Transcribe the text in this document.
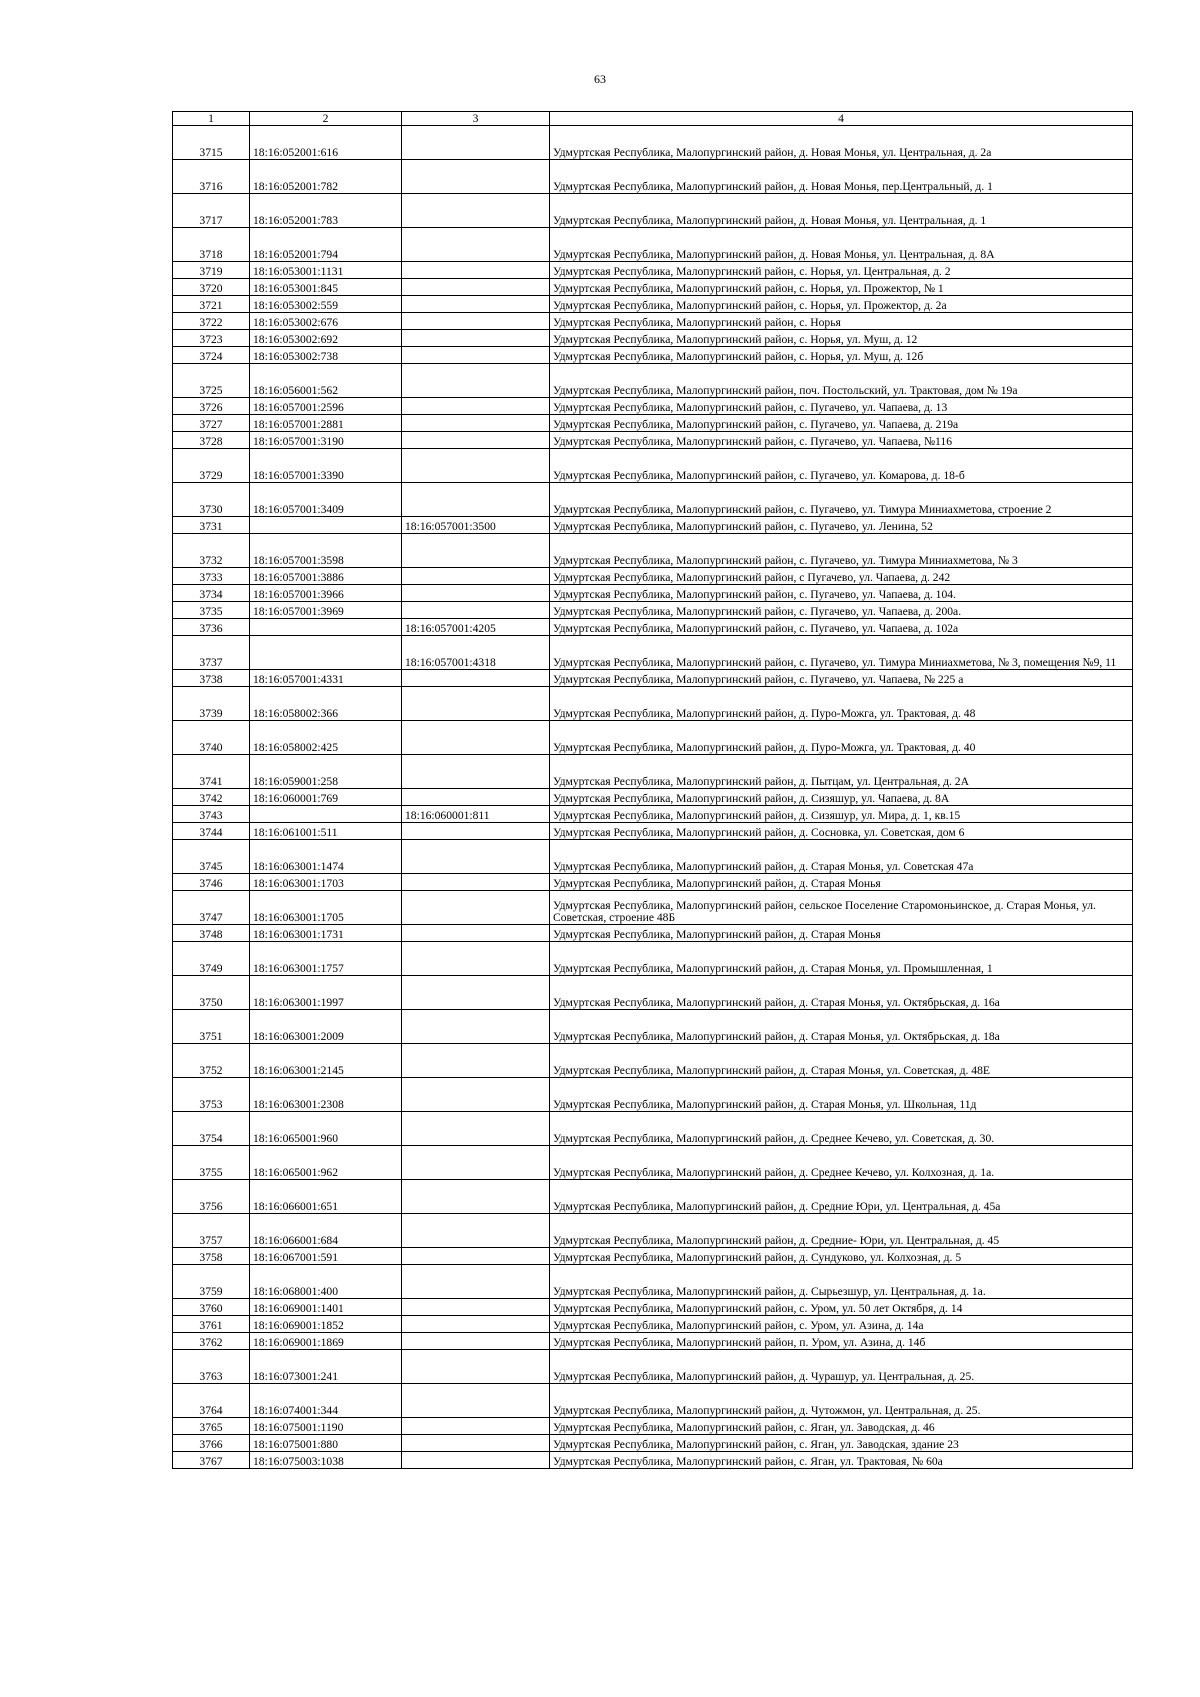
63
1	2	3	4
3715	18:16:052001:616		Удмуртская Республика, Малопургинский район, д. Новая Монья, ул. Центральная, д. 2а
3716	18:16:052001:782		Удмуртская Республика, Малопургинский район, д. Новая Монья, пер.Центральный, д. 1
3717	18:16:052001:783		Удмуртская Республика, Малопургинский район, д. Новая Монья, ул. Центральная, д. 1
3718	18:16:052001:794		Удмуртская Республика, Малопургинский район, д. Новая Монья, ул. Центральная, д. 8А
3719	18:16:053001:1131		Удмуртская Республика, Малопургинский район, с. Норья, ул. Центральная, д. 2
3720	18:16:053001:845		Удмуртская Республика, Малопургинский район, с. Норья, ул. Прожектор, № 1
3721	18:16:053002:559		Удмуртская Республика, Малопургинский район, с. Норья, ул. Прожектор, д. 2а
3722	18:16:053002:676		Удмуртская Республика, Малопургинский район, с. Норья
3723	18:16:053002:692		Удмуртская Республика, Малопургинский район, с. Норья, ул. Муш, д. 12
3724	18:16:053002:738		Удмуртская Республика, Малопургинский район, с. Норья, ул. Муш, д. 12б
3725	18:16:056001:562		Удмуртская Республика, Малопургинский район, поч. Постольский, ул. Трактовая, дом № 19а
3726	18:16:057001:2596		Удмуртская Республика, Малопургинский район, с. Пугачево, ул. Чапаева, д. 13
3727	18:16:057001:2881		Удмуртская Республика, Малопургинский район, с. Пугачево, ул. Чапаева, д. 219а
3728	18:16:057001:3190		Удмуртская Республика, Малопургинский район, с. Пугачево, ул. Чапаева, №116
3729	18:16:057001:3390		Удмуртская Республика, Малопургинский район, с. Пугачево, ул. Комарова, д. 18-б
3730	18:16:057001:3409		Удмуртская Республика, Малопургинский район, с. Пугачево, ул. Тимура Миниахметова, строение 2
3731		18:16:057001:3500	Удмуртская Республика, Малопургинский район, с. Пугачево, ул. Ленина, 52
3732	18:16:057001:3598		Удмуртская Республика, Малопургинский район, с. Пугачево, ул. Тимура Миниахметова, № 3
3733	18:16:057001:3886		Удмуртская Республика, Малопургинский район, с Пугачево, ул. Чапаева, д. 242
3734	18:16:057001:3966		Удмуртская Республика, Малопургинский район, с. Пугачево, ул. Чапаева, д. 104.
3735	18:16:057001:3969		Удмуртская Республика, Малопургинский район, с. Пугачево, ул. Чапаева, д. 200а.
3736		18:16:057001:4205	Удмуртская Республика, Малопургинский район, с. Пугачево, ул. Чапаева, д. 102а
3737		18:16:057001:4318	Удмуртская Республика, Малопургинский район, с. Пугачево, ул. Тимура Миниахметова, № 3, помещения №9, 11
3738	18:16:057001:4331		Удмуртская Республика, Малопургинский район, с. Пугачево, ул. Чапаева, № 225 а
3739	18:16:058002:366		Удмуртская Республика, Малопургинский район, д. Пуро-Можга, ул. Трактовая, д. 48
3740	18:16:058002:425		Удмуртская Республика, Малопургинский район, д. Пуро-Можга, ул. Трактовая, д. 40
3741	18:16:059001:258		Удмуртская Республика, Малопургинский район, д. Пытцам, ул. Центральная, д. 2А
3742	18:16:060001:769		Удмуртская Республика, Малопургинский район, д. Сизяшур, ул. Чапаева, д. 8А
3743		18:16:060001:811	Удмуртская Республика, Малопургинский район, д. Сизяшур, ул. Мира, д. 1, кв.15
3744	18:16:061001:511		Удмуртская Республика, Малопургинский район, д. Сосновка, ул. Советская, дом 6
3745	18:16:063001:1474		Удмуртская Республика, Малопургинский район, д. Старая Монья, ул. Советская 47а
3746	18:16:063001:1703		Удмуртская Республика, Малопургинский район, д. Старая Монья
3747	18:16:063001:1705		Удмуртская Республика, Малопургинский район, сельское Поселение Старомоньинское, д. Старая Монья, ул. Советская, строение 48Б
3748	18:16:063001:1731		Удмуртская Республика, Малопургинский район, д. Старая Монья
3749	18:16:063001:1757		Удмуртская Республика, Малопургинский район, д. Старая Монья, ул. Промышленная, 1
3750	18:16:063001:1997		Удмуртская Республика, Малопургинский район, д. Старая Монья, ул. Октябрьская, д. 16а
3751	18:16:063001:2009		Удмуртская Республика, Малопургинский район, д. Старая Монья, ул. Октябрьская, д. 18а
3752	18:16:063001:2145		Удмуртская Республика, Малопургинский район, д. Старая Монья, ул. Советская, д. 48Е
3753	18:16:063001:2308		Удмуртская Республика, Малопургинский район, д. Старая Монья, ул. Школьная, 11д
3754	18:16:065001:960		Удмуртская Республика, Малопургинский район, д. Среднее Кечево, ул. Советская, д. 30.
3755	18:16:065001:962		Удмуртская Республика, Малопургинский район, д. Среднее Кечево, ул. Колхозная, д. 1а.
3756	18:16:066001:651		Удмуртская Республика, Малопургинский район, д. Средние Юри, ул. Центральная, д. 45а
3757	18:16:066001:684		Удмуртская Республика, Малопургинский район, д. Средние- Юри, ул. Центральная, д. 45
3758	18:16:067001:591		Удмуртская Республика, Малопургинский район, д. Сундуково, ул. Колхозная, д. 5
3759	18:16:068001:400		Удмуртская Республика, Малопургинский район, д. Сырьезшур, ул. Центральная, д. 1а.
3760	18:16:069001:1401		Удмуртская Республика, Малопургинский район, с. Уром, ул. 50 лет Октября, д. 14
3761	18:16:069001:1852		Удмуртская Республика, Малопургинский район, с. Уром, ул. Азина, д. 14а
3762	18:16:069001:1869		Удмуртская Республика, Малопургинский район, п. Уром, ул. Азина, д. 14б
3763	18:16:073001:241		Удмуртская Республика, Малопургинский район, д. Чурашур, ул. Центральная, д. 25.
3764	18:16:074001:344		Удмуртская Республика, Малопургинский район, д. Чутожмон, ул. Центральная, д. 25.
3765	18:16:075001:1190		Удмуртская Республика, Малопургинский район, с. Яган, ул. Заводская, д. 46
3766	18:16:075001:880		Удмуртская Республика, Малопургинский район, с. Яган, ул. Заводская, здание 23
3767	18:16:075003:1038		Удмуртская Республика, Малопургинский район, с. Яган, ул. Трактовая, № 60а
